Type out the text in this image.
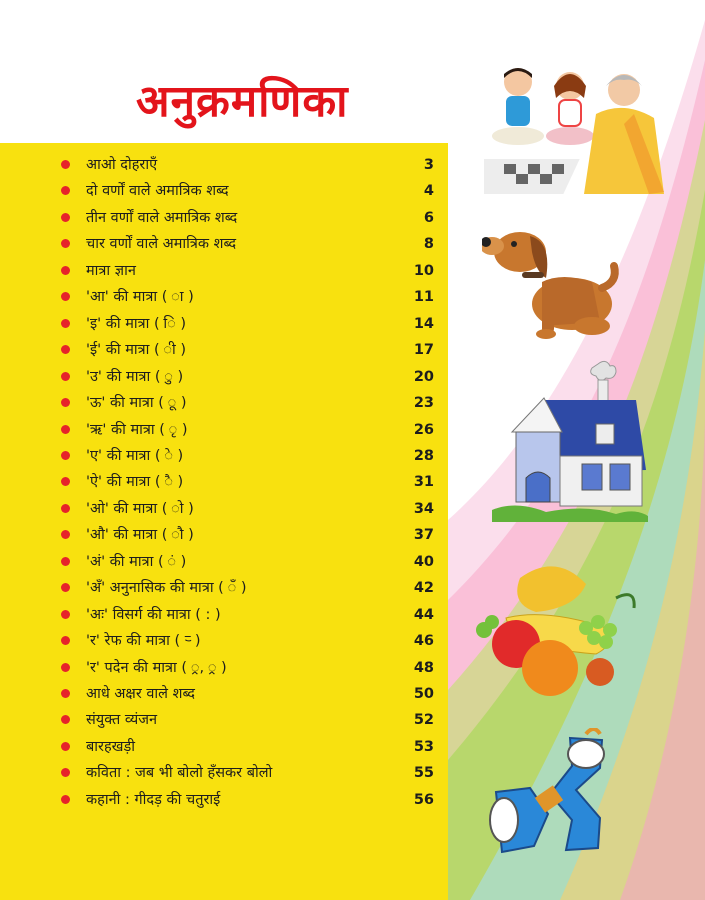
अनुक्रमणिका
आओ दोहराएँ	3
दो वर्णों वाले अमात्रिक शब्द	4
तीन वर्णों वाले अमात्रिक शब्द	6
चार वर्णों वाले अमात्रिक शब्द	8
मात्रा ज्ञान	10
'आ' की मात्रा ( ा )	11
'इ' की मात्रा ( ि )	14
'ई' की मात्रा ( ी )	17
'उ' की मात्रा ( ु )	20
'ऊ' की मात्रा ( ू )	23
'ऋ' की मात्रा ( ृ )	26
'ए' की मात्रा ( े )	28
'ऐ' की मात्रा ( ै )	31
'ओ' की मात्रा ( ो )	34
'औ' की मात्रा ( ौ )	37
'अं' की मात्रा ( ं )	40
'अँ' अनुनासिक की मात्रा ( ँ )	42
'अः' विसर्ग की मात्रा ( : )	44
'र' रेफ की मात्रा ( र्‍ )	46
'र' पदेन की मात्रा ( ्र, ्र )	48
आधे अक्षर वाले शब्द	50
संयुक्त व्यंजन	52
बारहखड़ी	53
कविता : जब भी बोलो हँसकर बोलो	55
कहानी : गीदड़ की चतुराई	56
